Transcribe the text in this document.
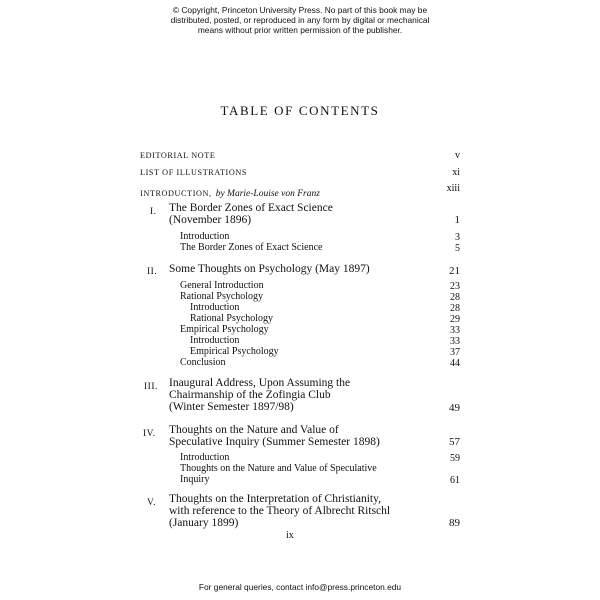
© Copyright, Princeton University Press. No part of this book may be
distributed, posted, or reproduced in any form by digital or mechanical
means without prior written permission of the publisher.
TABLE OF CONTENTS
EDITORIAL NOTE	v
LIST OF ILLUSTRATIONS	xi
INTRODUCTION, by Marie-Louise von Franz	xiii
I. The Border Zones of Exact Science
(November 1896)	1
Introduction	3
The Border Zones of Exact Science	5
II. Some Thoughts on Psychology (May 1897)	21
General Introduction	23
Rational Psychology	28
Introduction	28
Rational Psychology	29
Empirical Psychology	33
Introduction	33
Empirical Psychology	37
Conclusion	44
III. Inaugural Address, Upon Assuming the
Chairmanship of the Zofingia Club
(Winter Semester 1897/98)	49
IV. Thoughts on the Nature and Value of
Speculative Inquiry (Summer Semester 1898)	57
Introduction	59
Thoughts on the Nature and Value of Speculative
Inquiry	61
V. Thoughts on the Interpretation of Christianity,
with reference to the Theory of Albrecht Ritschl
(January 1899)	89
ix
For general queries, contact info@press.princeton.edu
